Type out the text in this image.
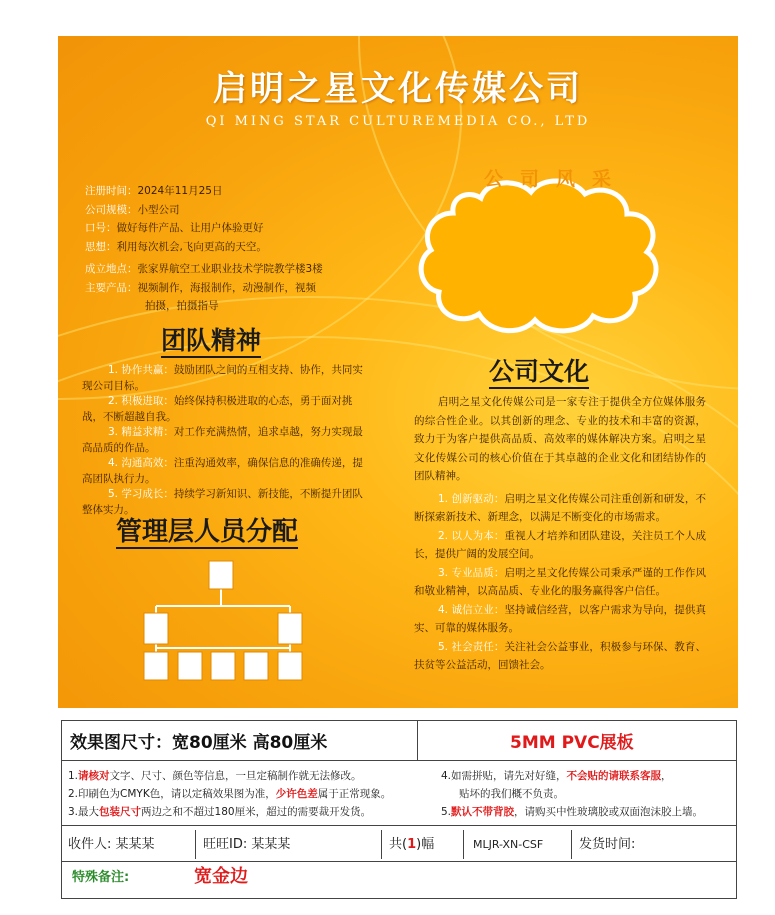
启明之星文化传媒公司
QI MING STAR CULTUREMEDIA CO., LTD
注册时间：2024年11月25日
公司规模：小型公司
口号：做好每件产品、让用户体验更好
思想：利用每次机会,飞向更高的天空。
成立地点：张家界航空工业职业技术学院教学楼3楼
主要产品：视频制作，海报制作，动漫制作，视频
拍摄，拍摄指导
公司风采
团队精神

1. 协作共赢：鼓励团队之间的互相支持、协作，共同实现公司目标。

2. 积极进取：始终保持积极进取的心态，勇于面对挑战，不断超越自我。

3. 精益求精：对工作充满热情，追求卓越，努力实现最高品质的作品。

4. 沟通高效：注重沟通效率，确保信息的准确传递，提高团队执行力。

5. 学习成长：持续学习新知识、新技能，不断提升团队整体实力。

公司文化

启明之星文化传媒公司是一家专注于提供全方位媒体服务的综合性企业。以其创新的理念、专业的技术和丰富的资源，致力于为客户提供高品质、高效率的媒体解决方案。启明之星文化传媒公司的核心价值在于其卓越的企业文化和团结协作的团队精神。

1. 创新驱动：启明之星文化传媒公司注重创新和研发，不断探索新技术、新理念，以满足不断变化的市场需求。

2. 以人为本：重视人才培养和团队建设，关注员工个人成长，提供广阔的发展空间。

3. 专业品质：启明之星文化传媒公司秉承严谨的工作作风和敬业精神，以高品质、专业化的服务赢得客户信任。

4. 诚信立业：坚持诚信经营，以客户需求为导向，提供真实、可靠的媒体服务。

5. 社会责任：关注社会公益事业，积极参与环保、教育、扶贫等公益活动，回馈社会。

管理层人员分配
效果图尺寸：宽80厘米 高80厘米	5MM PVC展板
1.请核对文字、尺寸、颜色等信息，一旦定稿制作就无法修改。
2.印刷色为CMYK色，请以定稿效果图为准，少许色差属于正常现象。
3.最大包装尺寸两边之和不超过180厘米，超过的需要裁开发货。
4.如需拼贴，请先对好缝，不会贴的请联系客服，
贴坏的我们概不负责。
5.默认不带背胶，请购买中性玻璃胶或双面泡沫胶上墙。
收件人: 某某某	旺旺ID: 某某某	共(1)幅	MLJR-XN-CSF	发货时间:
特殊备注:	宽金边
